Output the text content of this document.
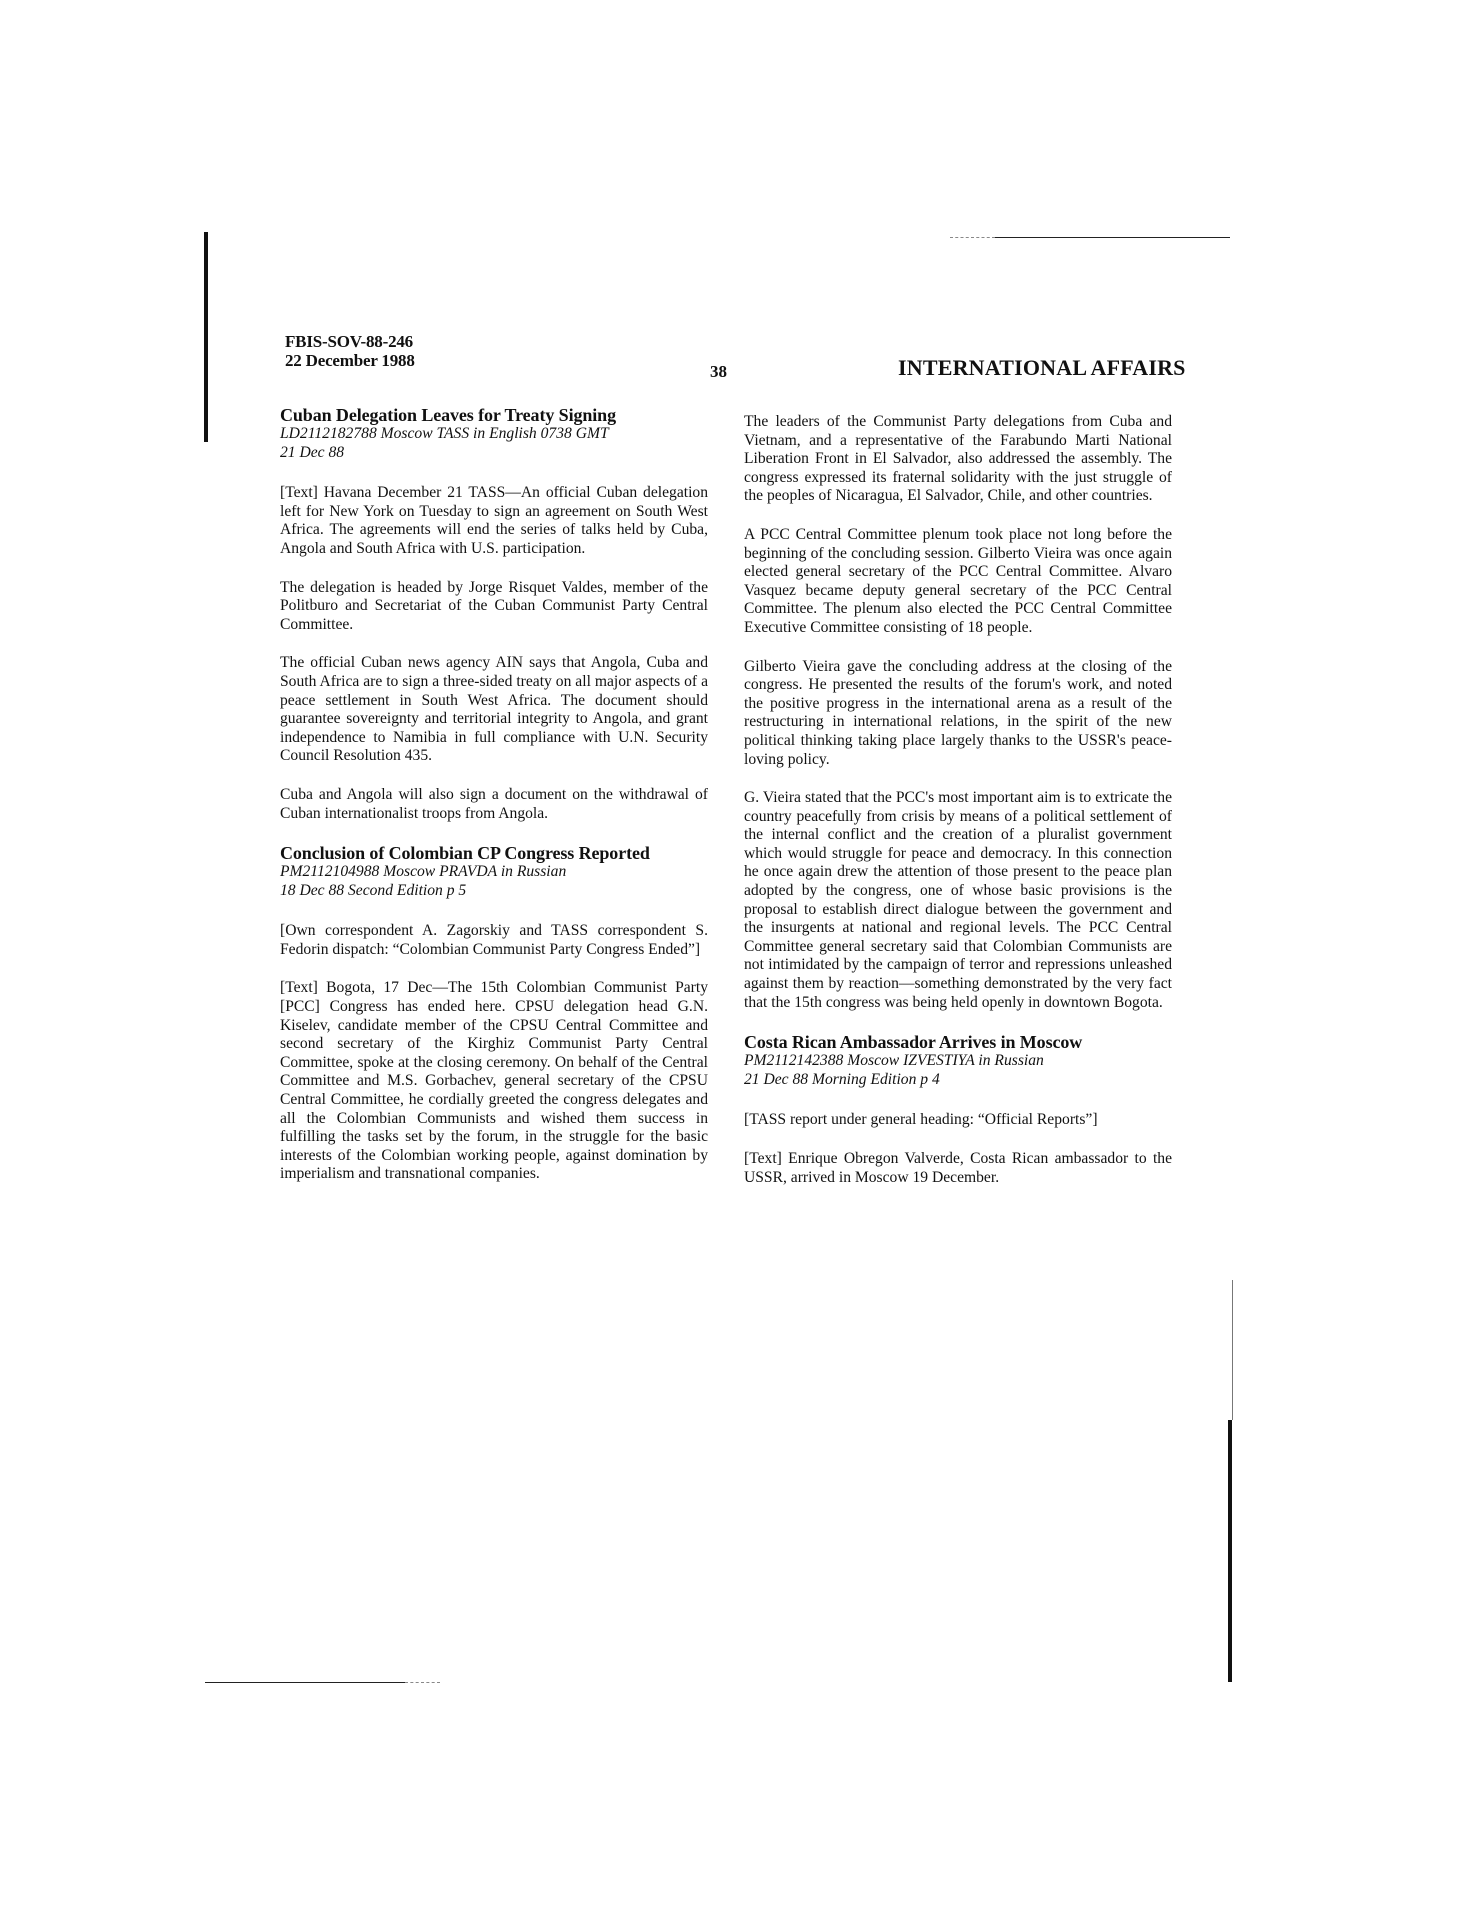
FBIS-SOV-88-246
22 December 1988
38	INTERNATIONAL AFFAIRS
Cuban Delegation Leaves for Treaty Signing
LD2112182788 Moscow TASS in English 0738 GMT
21 Dec 88

[Text] Havana December 21 TASS—An official Cuban delegation left for New York on Tuesday to sign an agreement on South West Africa. The agreements will end the series of talks held by Cuba, Angola and South Africa with U.S. participation.

The delegation is headed by Jorge Risquet Valdes, member of the Politburo and Secretariat of the Cuban Communist Party Central Committee.

The official Cuban news agency AIN says that Angola, Cuba and South Africa are to sign a three-sided treaty on all major aspects of a peace settlement in South West Africa. The document should guarantee sovereignty and territorial integrity to Angola, and grant independence to Namibia in full compliance with U.N. Security Council Resolution 435.

Cuba and Angola will also sign a document on the withdrawal of Cuban internationalist troops from Angola.

Conclusion of Colombian CP Congress Reported
PM2112104988 Moscow PRAVDA in Russian
18 Dec 88 Second Edition p 5

[Own correspondent A. Zagorskiy and TASS correspondent S. Fedorin dispatch: “Colombian Communist Party Congress Ended”]

[Text] Bogota, 17 Dec—The 15th Colombian Communist Party [PCC] Congress has ended here. CPSU delegation head G.N. Kiselev, candidate member of the CPSU Central Committee and second secretary of the Kirghiz Communist Party Central Committee, spoke at the closing ceremony. On behalf of the Central Committee and M.S. Gorbachev, general secretary of the CPSU Central Committee, he cordially greeted the congress delegates and all the Colombian Communists and wished them success in fulfilling the tasks set by the forum, in the struggle for the basic interests of the Colombian working people, against domination by imperialism and transnational companies.

The leaders of the Communist Party delegations from Cuba and Vietnam, and a representative of the Farabundo Marti National Liberation Front in El Salvador, also addressed the assembly. The congress expressed its fraternal solidarity with the just struggle of the peoples of Nicaragua, El Salvador, Chile, and other countries.

A PCC Central Committee plenum took place not long before the beginning of the concluding session. Gilberto Vieira was once again elected general secretary of the PCC Central Committee. Alvaro Vasquez became deputy general secretary of the PCC Central Committee. The plenum also elected the PCC Central Committee Executive Committee consisting of 18 people.

Gilberto Vieira gave the concluding address at the closing of the congress. He presented the results of the forum's work, and noted the positive progress in the international arena as a result of the restructuring in international relations, in the spirit of the new political thinking taking place largely thanks to the USSR's peace-loving policy.

G. Vieira stated that the PCC's most important aim is to extricate the country peacefully from crisis by means of a political settlement of the internal conflict and the creation of a pluralist government which would struggle for peace and democracy. In this connection he once again drew the attention of those present to the peace plan adopted by the congress, one of whose basic provisions is the proposal to establish direct dialogue between the government and the insurgents at national and regional levels. The PCC Central Committee general secretary said that Colombian Communists are not intimidated by the campaign of terror and repressions unleashed against them by reaction—something demonstrated by the very fact that the 15th congress was being held openly in downtown Bogota.

Costa Rican Ambassador Arrives in Moscow
PM2112142388 Moscow IZVESTIYA in Russian
21 Dec 88 Morning Edition p 4

[TASS report under general heading: “Official Reports”]

[Text] Enrique Obregon Valverde, Costa Rican ambassador to the USSR, arrived in Moscow 19 December.
